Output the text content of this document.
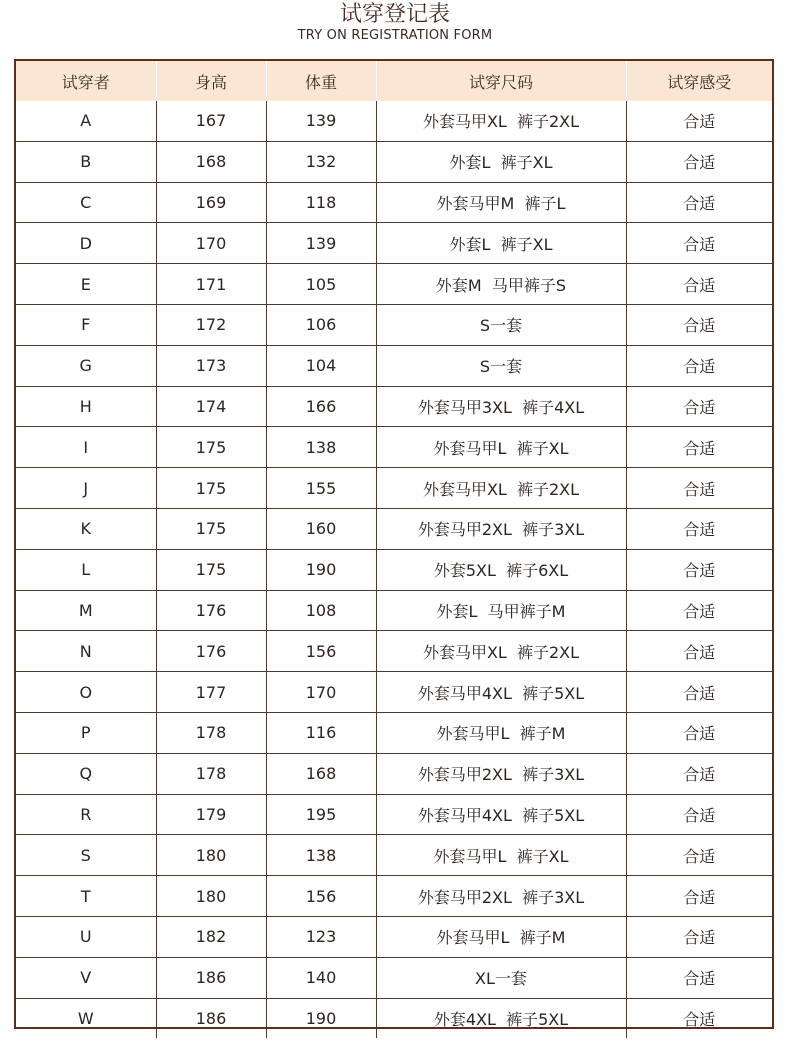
试穿登记表
TRY ON REGISTRATION FORM
试穿者	身高	体重	试穿尺码	试穿感受
A	167	139	外套马甲XL  裤子2XL	合适
B	168	132	外套L  裤子XL	合适
C	169	118	外套马甲M  裤子L	合适
D	170	139	外套L  裤子XL	合适
E	171	105	外套M  马甲裤子S	合适
F	172	106	S一套	合适
G	173	104	S一套	合适
H	174	166	外套马甲3XL  裤子4XL	合适
I	175	138	外套马甲L  裤子XL	合适
J	175	155	外套马甲XL  裤子2XL	合适
K	175	160	外套马甲2XL  裤子3XL	合适
L	175	190	外套5XL  裤子6XL	合适
M	176	108	外套L  马甲裤子M	合适
N	176	156	外套马甲XL  裤子2XL	合适
O	177	170	外套马甲4XL  裤子5XL	合适
P	178	116	外套马甲L  裤子M	合适
Q	178	168	外套马甲2XL  裤子3XL	合适
R	179	195	外套马甲4XL  裤子5XL	合适
S	180	138	外套马甲L  裤子XL	合适
T	180	156	外套马甲2XL  裤子3XL	合适
U	182	123	外套马甲L  裤子M	合适
V	186	140	XL一套	合适
W	186	190	外套4XL  裤子5XL	合适
